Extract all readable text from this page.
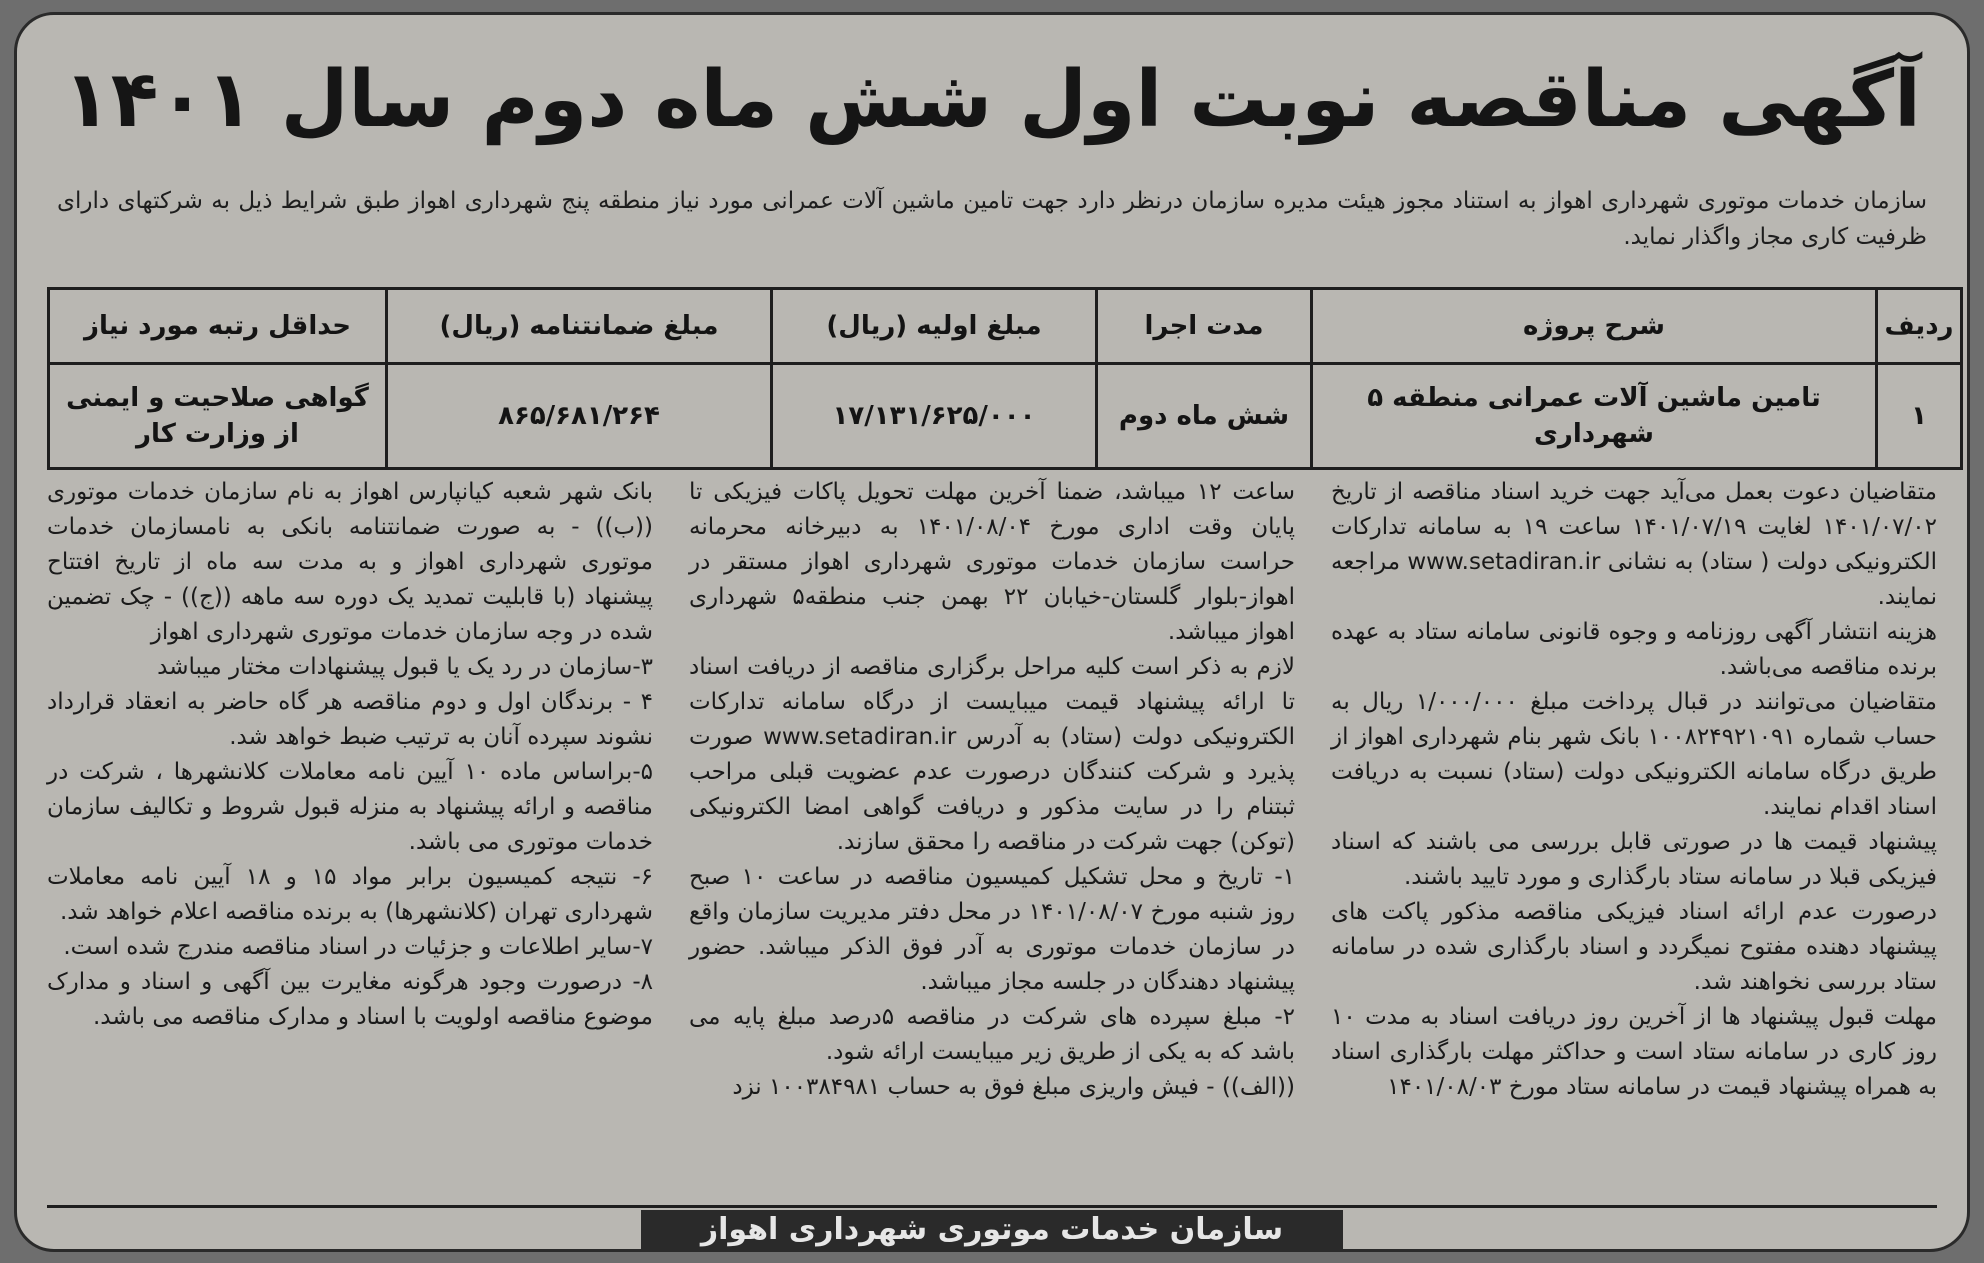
آگهی مناقصه نوبت اول شش ماه دوم سال ۱۴۰۱
سازمان خدمات موتوری شهرداری اهواز به استناد مجوز هیئت مدیره سازمان درنظر دارد جهت تامین ماشین آلات عمرانی مورد نیاز منطقه پنج شهرداری اهواز طبق شرایط ذیل به شرکتهای دارای ظرفیت کاری مجاز واگذار نماید.
ردیف	شرح پروژه	مدت اجرا	مبلغ اولیه (ریال)	مبلغ ضمانتنامه (ریال)	حداقل رتبه مورد نیاز
۱	تامین ماشین آلات عمرانی منطقه ۵ شهرداری	شش ماه دوم	۱۷/۱۳۱/۶۲۵/۰۰۰	۸۶۵/۶۸۱/۲۶۴	گواهی صلاحیت و ایمنی از وزارت کار

متقاضیان دعوت بعمل می‌آید جهت خرید اسناد مناقصه از تاریخ ۱۴۰۱/۰۷/۰۲ لغایت ۱۴۰۱/۰۷/۱۹ ساعت ۱۹ به سامانه تدارکات الکترونیکی دولت ( ستاد) به نشانی www.setadiran.ir مراجعه نمایند.

هزینه انتشار آگهی روزنامه و وجوه قانونی سامانه ستاد به عهده برنده مناقصه می‌باشد.

متقاضیان می‌توانند در قبال پرداخت مبلغ ۱/۰۰۰/۰۰۰ ریال به حساب شماره ۱۰۰۸۲۴۹۲۱۰۹۱ بانک شهر بنام شهرداری اهواز از طریق درگاه سامانه الکترونیکی دولت (ستاد) نسبت به دریافت اسناد اقدام نمایند.

پیشنهاد قیمت ها در صورتی قابل بررسی می باشند که اسناد فیزیکی قبلا در سامانه ستاد بارگذاری و مورد تایید باشند.

درصورت عدم ارائه اسناد فیزیکی مناقصه مذکور پاکت های پیشنهاد دهنده مفتوح نمیگردد و اسناد بارگذاری شده در سامانه ستاد بررسی نخواهند شد.

مهلت قبول پیشنهاد ها از آخرین روز دریافت اسناد به مدت ۱۰ روز کاری در سامانه ستاد است و حداکثر مهلت بارگذاری اسناد به همراه پیشنهاد قیمت در سامانه ستاد مورخ ۱۴۰۱/۰۸/۰۳

ساعت ۱۲ میباشد، ضمنا آخرین مهلت تحویل پاکات فیزیکی تا پایان وقت اداری مورخ ۱۴۰۱/۰۸/۰۴ به دبیرخانه محرمانه حراست سازمان خدمات موتوری شهرداری اهواز مستقر در اهواز-بلوار گلستان-خیابان ۲۲ بهمن جنب منطقه۵ شهرداری اهواز میباشد.

لازم به ذکر است کلیه مراحل برگزاری مناقصه از دریافت اسناد تا ارائه پیشنهاد قیمت میبایست از درگاه سامانه تدارکات الکترونیکی دولت (ستاد) به آدرس www.setadiran.ir صورت پذیرد و شرکت کنندگان درصورت عدم عضویت قبلی مراحب ثبتنام را در سایت مذکور و دریافت گواهی امضا الکترونیکی (توکن) جهت شرکت در مناقصه را محقق سازند.

۱- تاریخ و محل تشکیل کمیسیون مناقصه در ساعت ۱۰ صبح روز شنبه مورخ ۱۴۰۱/۰۸/۰۷ در محل دفتر مدیریت سازمان واقع در سازمان خدمات موتوری به آدر فوق الذکر میباشد. حضور پیشنهاد دهندگان در جلسه مجاز میباشد.

۲- مبلغ سپرده های شرکت در مناقصه ۵درصد مبلغ پایه می باشد که به یکی از طریق زیر میبایست ارائه شود.

((الف)) - فیش واریزی مبلغ فوق به حساب ۱۰۰۳۸۴۹۸۱ نزد

بانک شهر شعبه کیانپارس اهواز به نام سازمان خدمات موتوری ((ب)) - به صورت ضمانتنامه بانکی به نامسازمان خدمات موتوری شهرداری اهواز و به مدت سه ماه از تاریخ افتتاح پیشنهاد (با قابلیت تمدید یک دوره سه ماهه ((ج)) - چک تضمین شده در وجه سازمان خدمات موتوری شهرداری اهواز

۳-سازمان در رد یک یا قبول پیشنهادات مختار میباشد

۴ - برندگان اول و دوم مناقصه هر گاه حاضر به انعقاد قرارداد نشوند سپرده آنان به ترتیب ضبط خواهد شد.

۵-براساس ماده ۱۰ آیین نامه معاملات کلانشهرها ، شرکت در مناقصه و ارائه پیشنهاد به منزله قبول شروط و تکالیف سازمان خدمات موتوری می باشد.

۶- نتیجه کمیسیون برابر مواد ۱۵ و ۱۸ آیین نامه معاملات شهرداری تهران (کلانشهرها) به برنده مناقصه اعلام خواهد شد.

۷-سایر اطلاعات و جزئیات در اسناد مناقصه مندرج شده است.

۸- درصورت وجود هرگونه مغایرت بین آگهی و اسناد و مدارک موضوع مناقصه اولویت با اسناد و مدارک مناقصه می باشد.

سازمان خدمات موتوری شهرداری اهواز
